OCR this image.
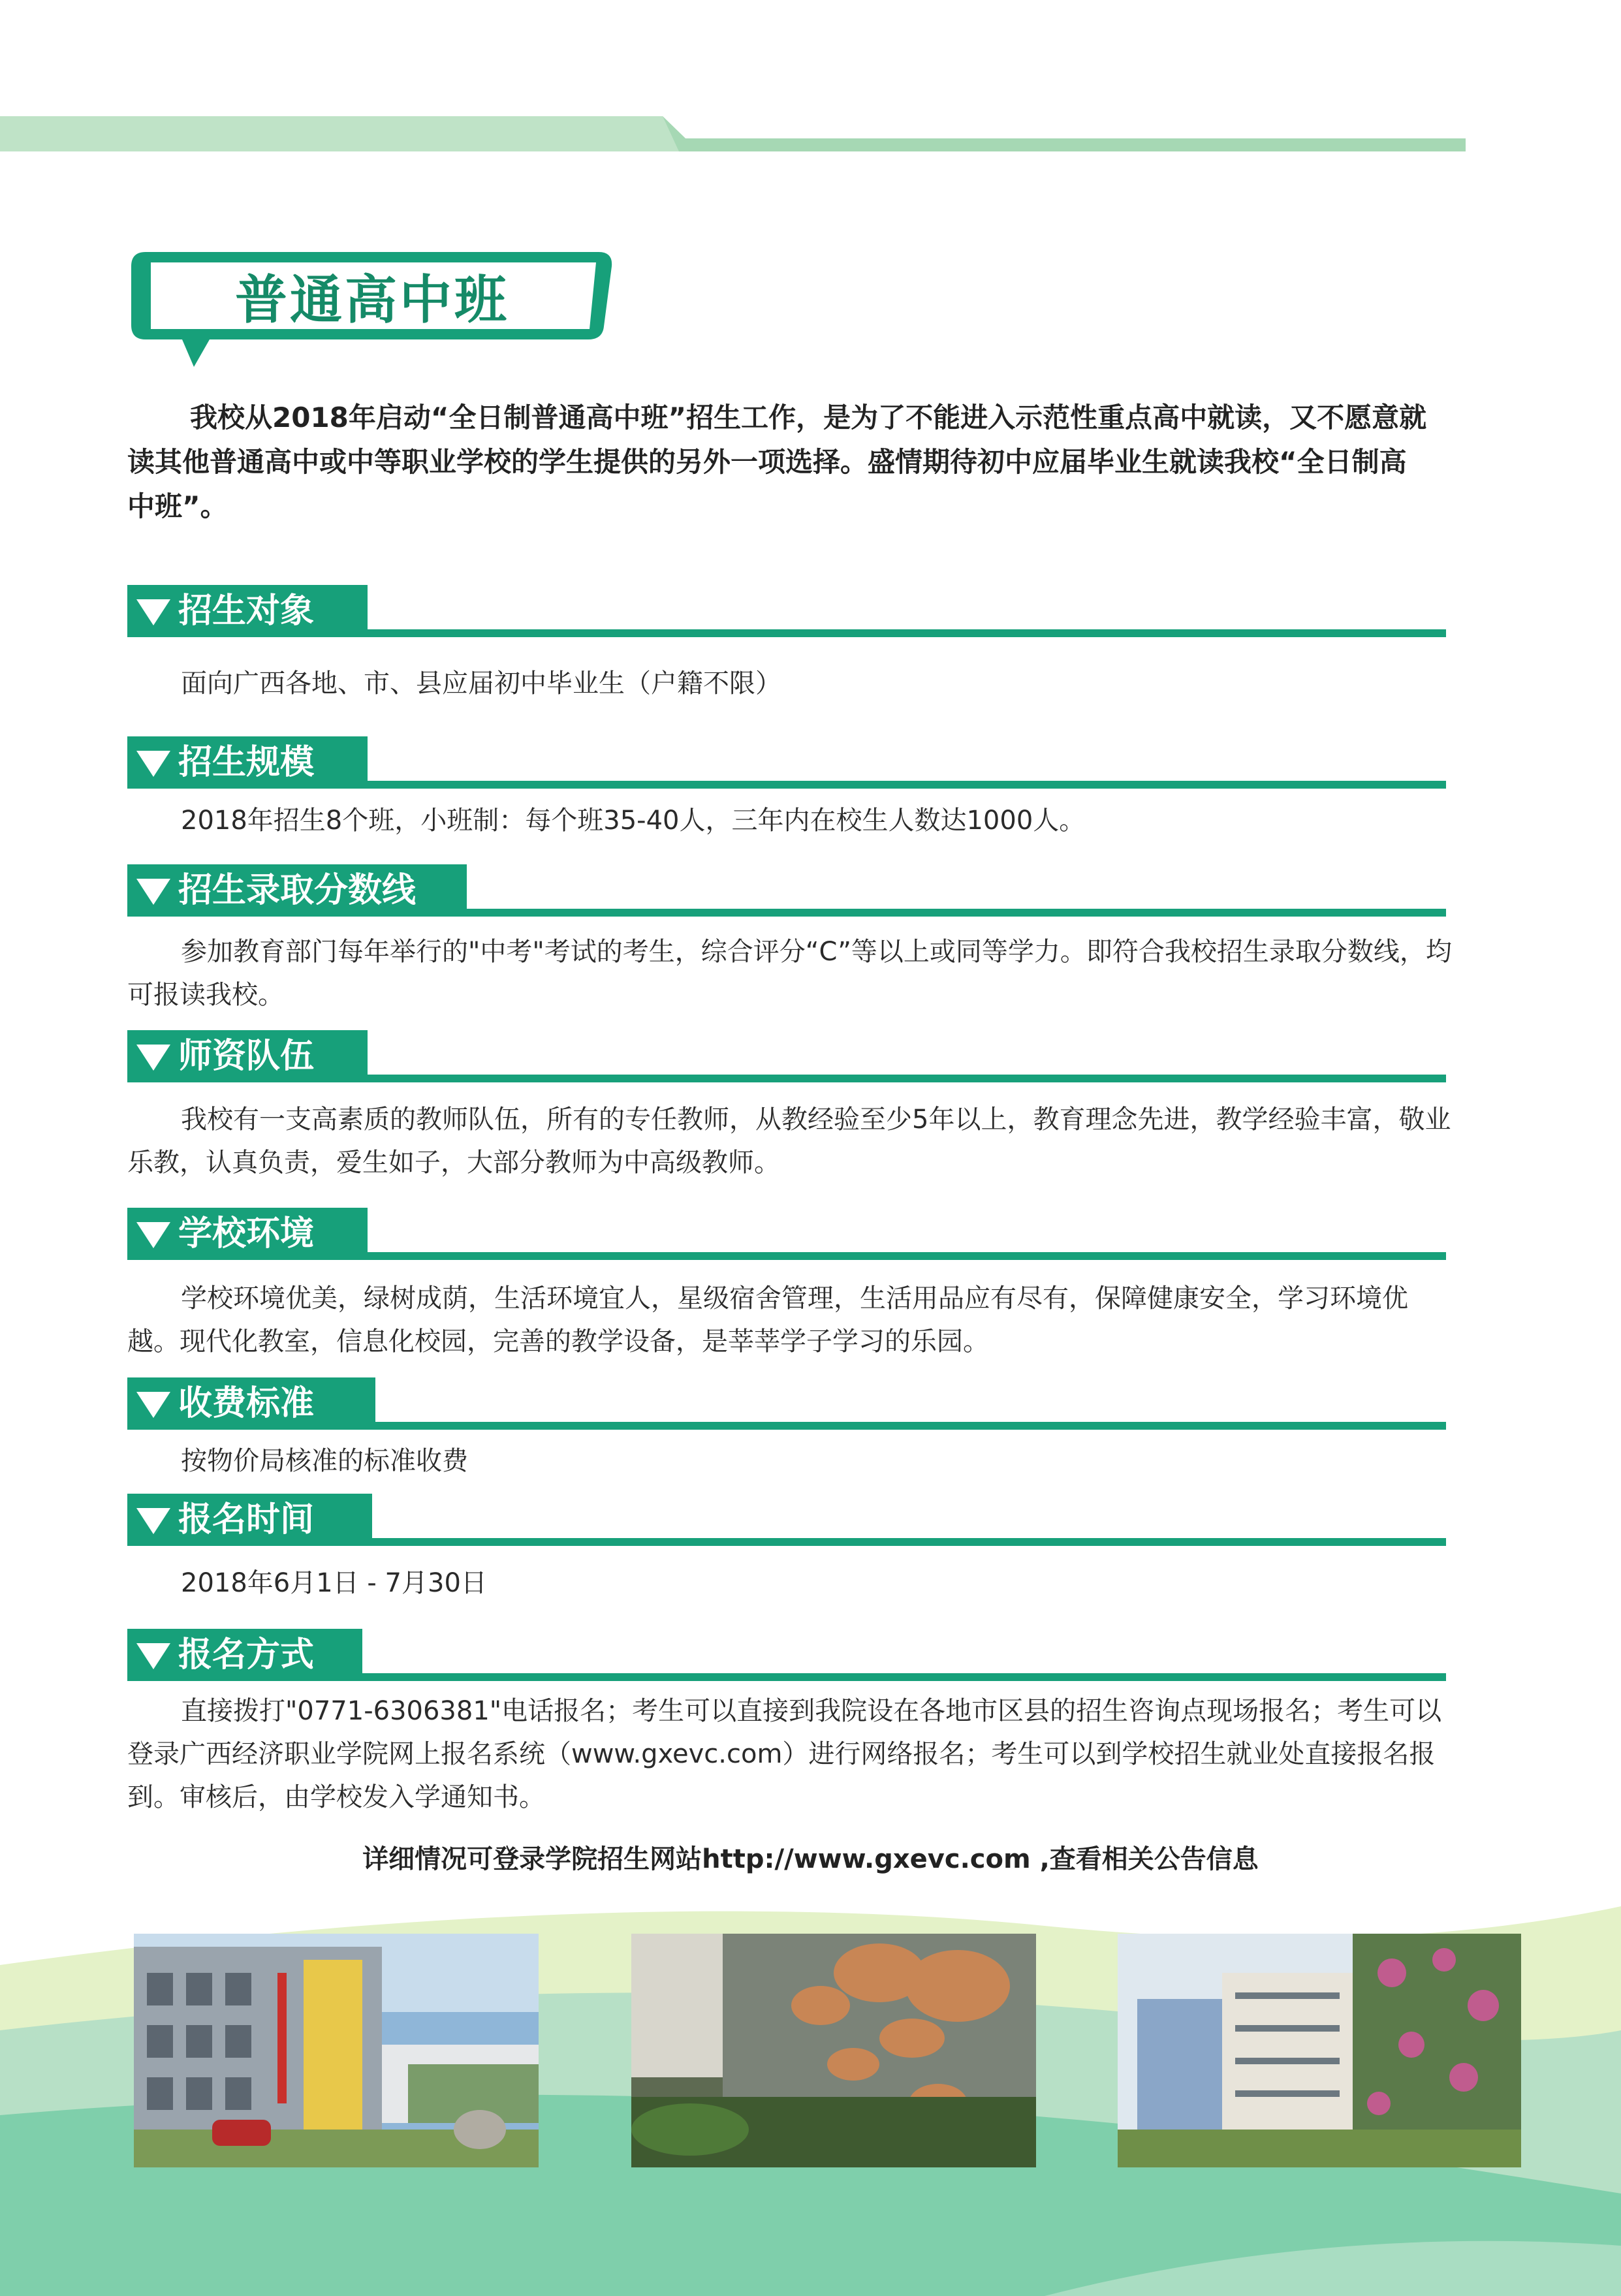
普通高中班
我校从2018年启动“全日制普通高中班”招生工作，是为了不能进入示范性重点高中就读，又不愿意就读其他普通高中或中等职业学校的学生提供的另外一项选择。盛情期待初中应届毕业生就读我校“全日制高中班”。
招生对象
面向广西各地、市、县应届初中毕业生（户籍不限）
招生规模
2018年招生8个班，小班制：每个班35-40人，三年内在校生人数达1000人。
招生录取分数线
参加教育部门每年举行的"中考"考试的考生，综合评分“C”等以上或同等学力。即符合我校招生录取分数线，均可报读我校。
师资队伍
我校有一支高素质的教师队伍，所有的专任教师，从教经验至少5年以上，教育理念先进，教学经验丰富，敬业乐教，认真负责，爱生如子，大部分教师为中高级教师。
学校环境
学校环境优美，绿树成荫，生活环境宜人，星级宿舍管理，生活用品应有尽有，保障健康安全，学习环境优越。现代化教室，信息化校园，完善的教学设备，是莘莘学子学习的乐园。
收费标准
按物价局核准的标准收费
报名时间
2018年6月1日 - 7月30日
报名方式
直接拨打"0771-6306381"电话报名；考生可以直接到我院设在各地市区县的招生咨询点现场报名；考生可以登录广西经济职业学院网上报名系统（www.gxevc.com）进行网络报名；考生可以到学校招生就业处直接报名报到。审核后，由学校发入学通知书。
详细情况可登录学院招生网站http://www.gxevc.com ,查看相关公告信息
